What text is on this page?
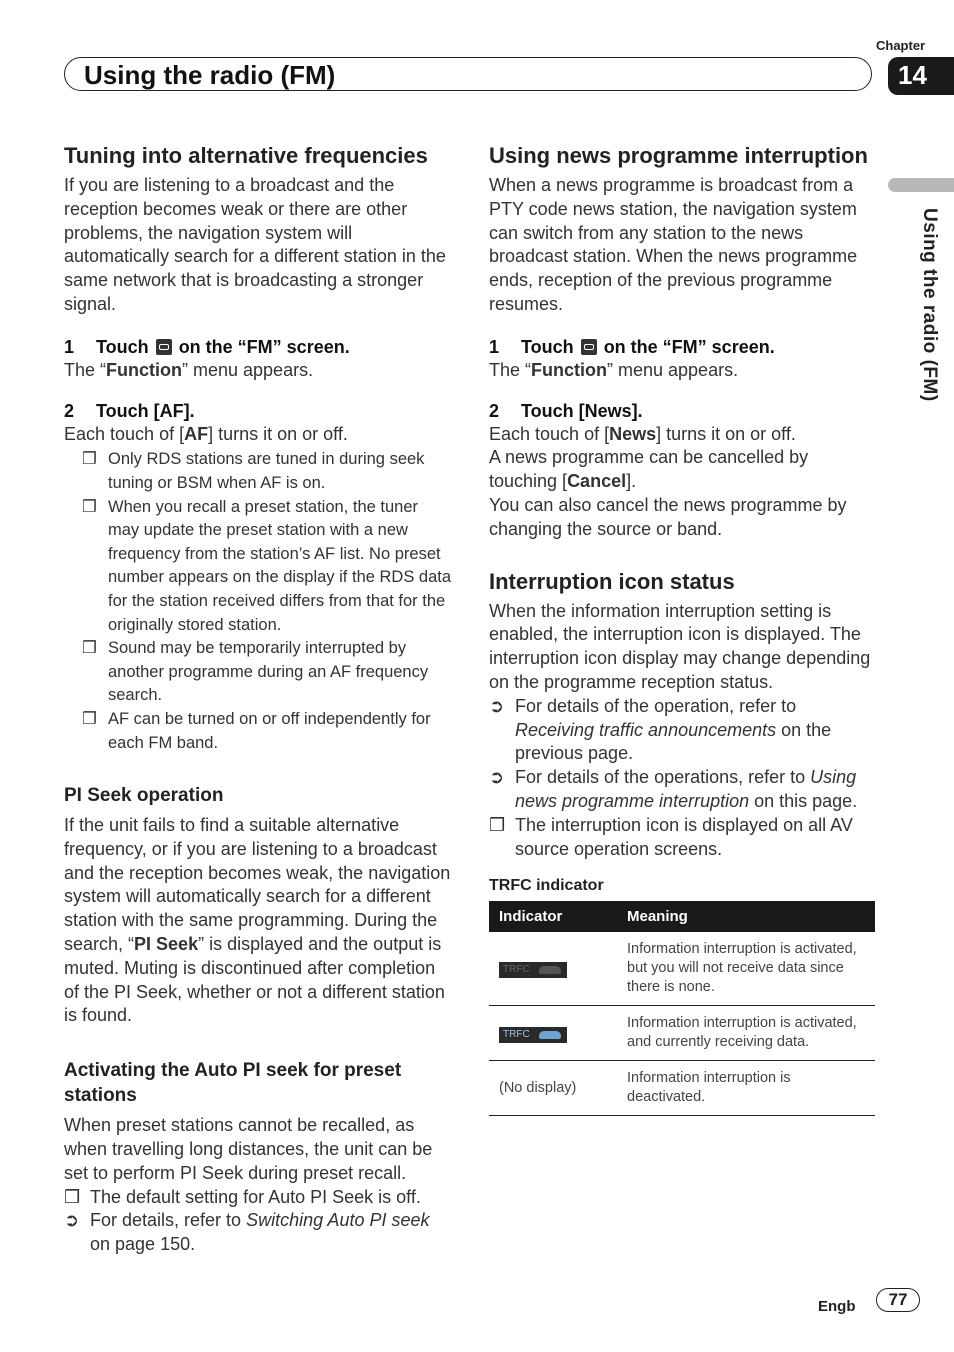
Chapter
Using the radio (FM)	14
Using the radio (FM)
Tuning into alternative frequencies

If you are listening to a broadcast and the reception becomes weak or there are other problems, the navigation system will automatically search for a different station in the same network that is broadcasting a stronger signal.

1 Touch on the “FM” screen.

The “Function” menu appears.

2 Touch [AF].

Each touch of [AF] turns it on or off.

❒ Only RDS stations are tuned in during seek tuning or BSM when AF is on.
❒ When you recall a preset station, the tuner may update the preset station with a new frequency from the station’s AF list. No preset number appears on the display if the RDS data for the station received differs from that for the originally stored station.
❒ Sound may be temporarily interrupted by another programme during an AF frequency search.
❒ AF can be turned on or off independently for each FM band.
PI Seek operation

If the unit fails to find a suitable alternative frequency, or if you are listening to a broadcast and the reception becomes weak, the navigation system will automatically search for a different station with the same programming. During the search, “PI Seek” is displayed and the output is muted. Muting is discontinued after completion of the PI Seek, whether or not a different station is found.

Activating the Auto PI seek for preset stations

When preset stations cannot be recalled, as when travelling long distances, the unit can be set to perform PI Seek during preset recall.

❒ The default setting for Auto PI Seek is off.
➲ For details, refer to Switching Auto PI seek on page 150.
Using news programme interruption

When a news programme is broadcast from a PTY code news station, the navigation system can switch from any station to the news broadcast station. When the news programme ends, reception of the previous programme resumes.

1 Touch on the “FM” screen.

The “Function” menu appears.

2 Touch [News].

Each touch of [News] turns it on or off.

A news programme can be cancelled by touching [Cancel].

You can also cancel the news programme by changing the source or band.

Interruption icon status

When the information interruption setting is enabled, the interruption icon is displayed. The interruption icon display may change depending on the programme reception status.

➲ For details of the operation, refer to Receiving traffic announcements on the previous page.
➲ For details of the operations, refer to Using news programme interruption on this page.
❒ The interruption icon is displayed on all AV source operation screens.
TRFC indicator
Indicator	Meaning
TRFC	Information interruption is activated, but you will not receive data since there is none.
TRFC	Information interruption is activated, and currently receiving data.
(No display)	Information interruption is deactivated.
Engb	77
